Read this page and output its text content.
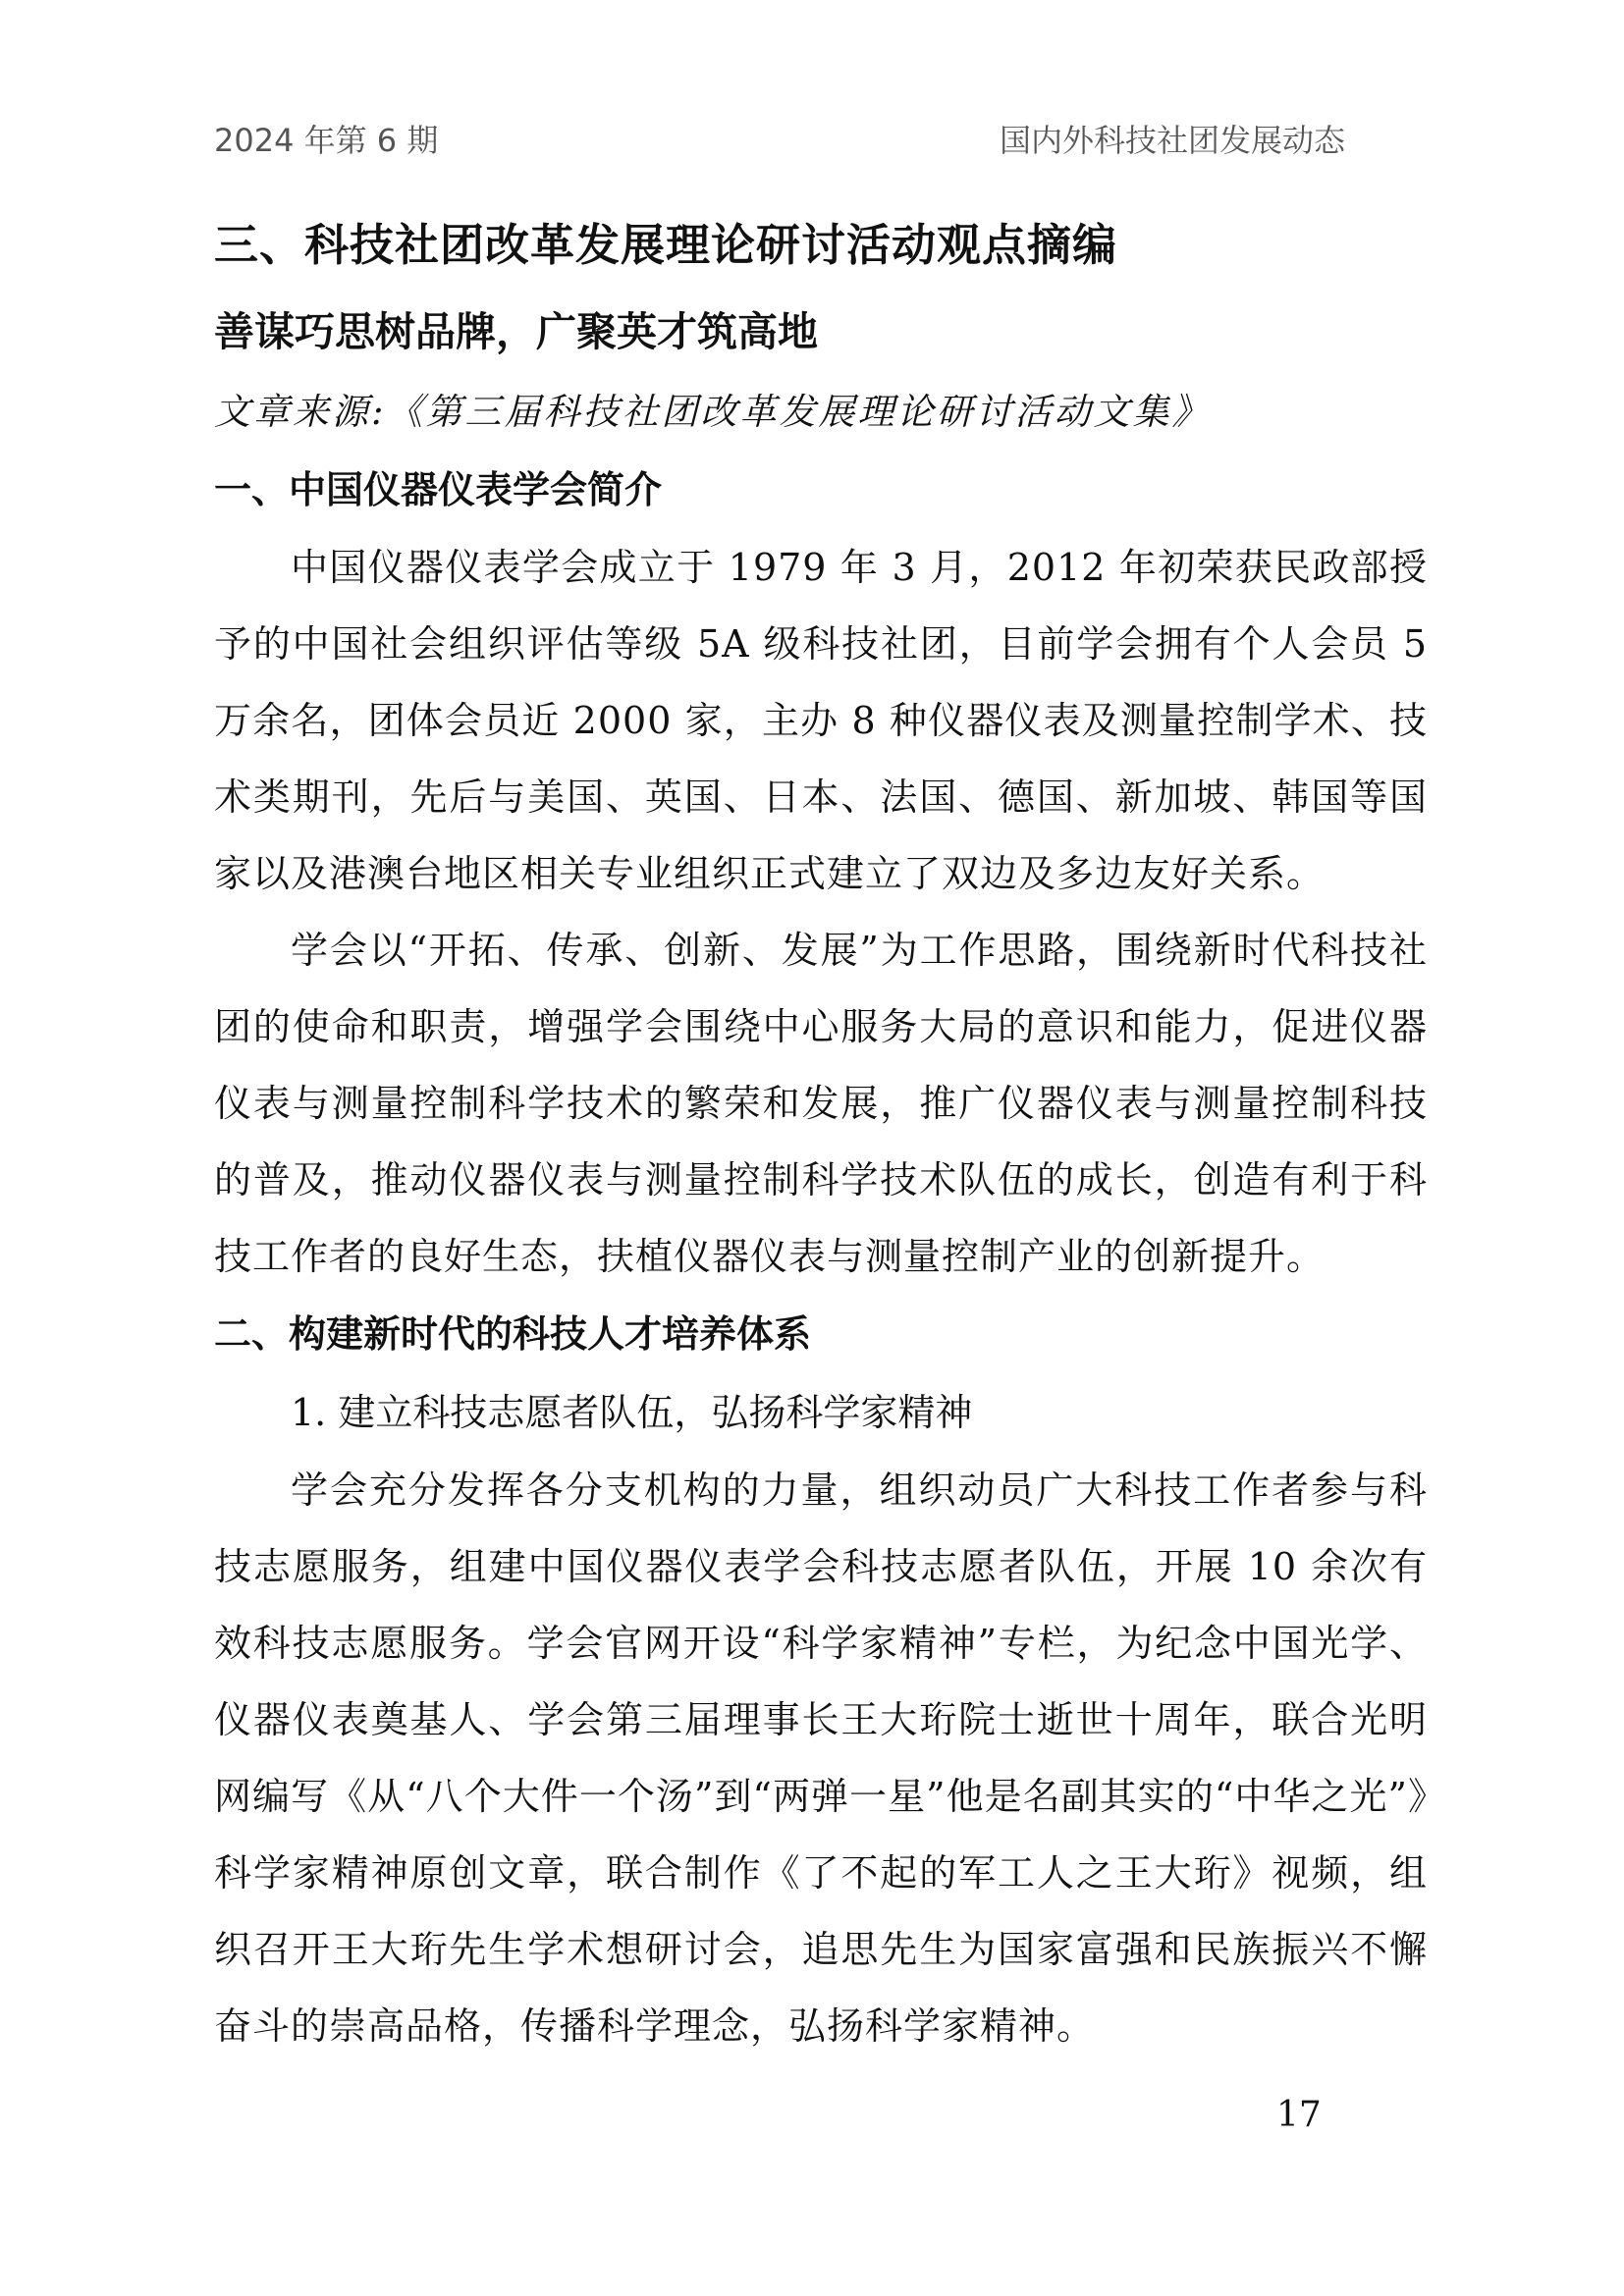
2024 年第 6 期	国内外科技社团发展动态
三、科技社团改革发展理论研讨活动观点摘编
善谋巧思树品牌，广聚英才筑高地

文章来源:《第三届科技社团改革发展理论研讨活动文集》

一、中国仪器仪表学会简介

中国仪器仪表学会成立于 1979 年 3 月，2012 年初荣获民政部授予的中国社会组织评估等级 5A 级科技社团，目前学会拥有个人会员 5 万余名，团体会员近 2000 家，主办 8 种仪器仪表及测量控制学术、技术类期刊，先后与美国、英国、日本、法国、德国、新加坡、韩国等国家以及港澳台地区相关专业组织正式建立了双边及多边友好关系。

学会以“开拓、传承、创新、发展”为工作思路，围绕新时代科技社团的使命和职责，增强学会围绕中心服务大局的意识和能力，促进仪器仪表与测量控制科学技术的繁荣和发展，推广仪器仪表与测量控制科技的普及，推动仪器仪表与测量控制科学技术队伍的成长，创造有利于科技工作者的良好生态，扶植仪器仪表与测量控制产业的创新提升。

二、构建新时代的科技人才培养体系

1. 建立科技志愿者队伍，弘扬科学家精神

学会充分发挥各分支机构的力量，组织动员广大科技工作者参与科技志愿服务，组建中国仪器仪表学会科技志愿者队伍，开展 10 余次有效科技志愿服务。学会官网开设“科学家精神”专栏，为纪念中国光学、仪器仪表奠基人、学会第三届理事长王大珩院士逝世十周年，联合光明网编写《从“八个大件一个汤”到“两弹一星”他是名副其实的“中华之光”》科学家精神原创文章，联合制作《了不起的军工人之王大珩》视频，组织召开王大珩先生学术想研讨会，追思先生为国家富强和民族振兴不懈奋斗的崇高品格，传播科学理念，弘扬科学家精神。

17
